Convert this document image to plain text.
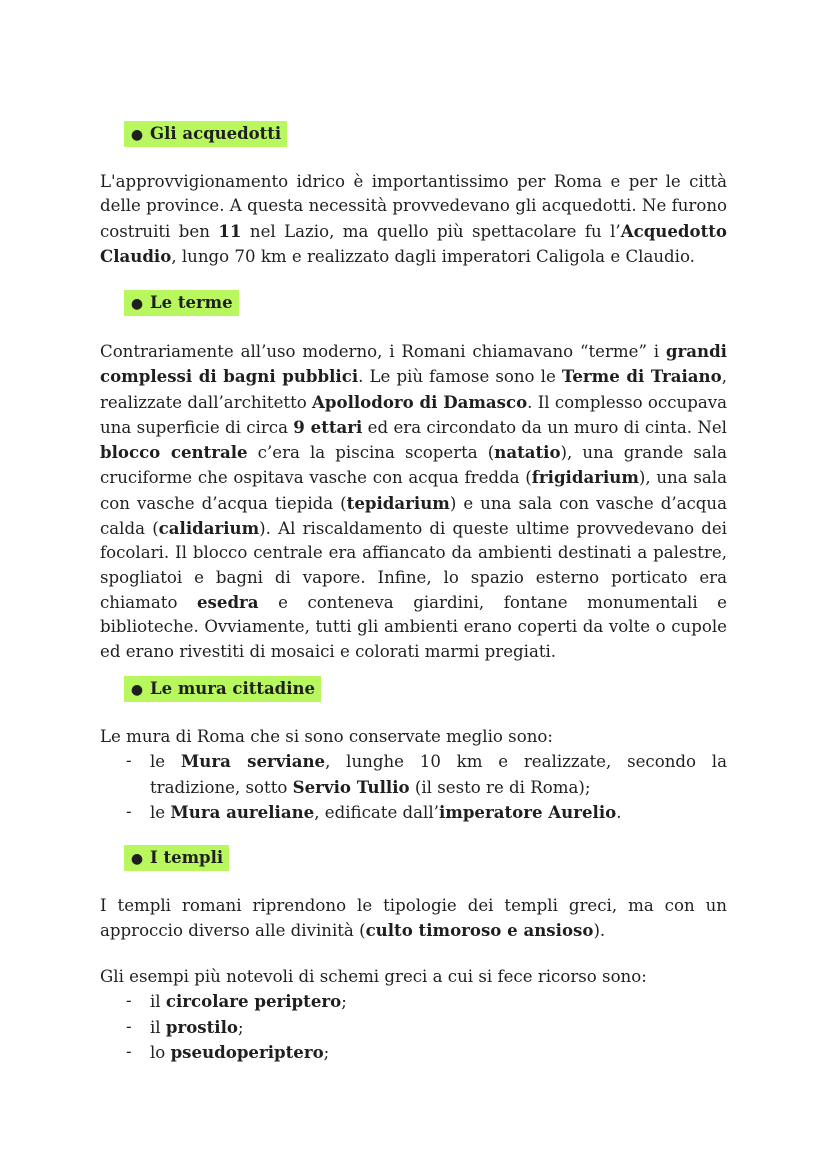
● Gli acquedotti

L'approvvigionamento idrico è importantissimo per Roma e per le città delle province. A questa necessità provvedevano gli acquedotti. Ne furono costruiti ben 11 nel Lazio, ma quello più spettacolare fu l’Acquedotto Claudio, lungo 70 km e realizzato dagli imperatori Caligola e Claudio.

● Le terme

Contrariamente all’uso moderno, i Romani chiamavano “terme” i grandi complessi di bagni pubblici. Le più famose sono le Terme di Traiano, realizzate dall’architetto Apollodoro di Damasco. Il complesso occupava una superficie di circa 9 ettari ed era circondato da un muro di cinta. Nel blocco centrale c’era la piscina scoperta (natatio), una grande sala cruciforme che ospitava vasche con acqua fredda (frigidarium), una sala con vasche d’acqua tiepida (tepidarium) e una sala con vasche d’acqua calda (calidarium). Al riscaldamento di queste ultime provvedevano dei focolari. Il blocco centrale era affiancato da ambienti destinati a palestre, spogliatoi e bagni di vapore. Infine, lo spazio esterno porticato era chiamato esedra e conteneva giardini, fontane monumentali e biblioteche. Ovviamente, tutti gli ambienti erano coperti da volte o cupole ed erano rivestiti di mosaici e colorati marmi pregiati.

● Le mura cittadine

Le mura di Roma che si sono conservate meglio sono:

- le Mura serviane, lunghe 10 km e realizzate, secondo la tradizione, sotto Servio Tullio (il sesto re di Roma);
- le Mura aureliane, edificate dall’imperatore Aurelio.
● I templi

I templi romani riprendono le tipologie dei templi greci, ma con un approccio diverso alle divinità (culto timoroso e ansioso).

Gli esempi più notevoli di schemi greci a cui si fece ricorso sono:

- il circolare periptero;
- il prostilo;
- lo pseudoperiptero;
